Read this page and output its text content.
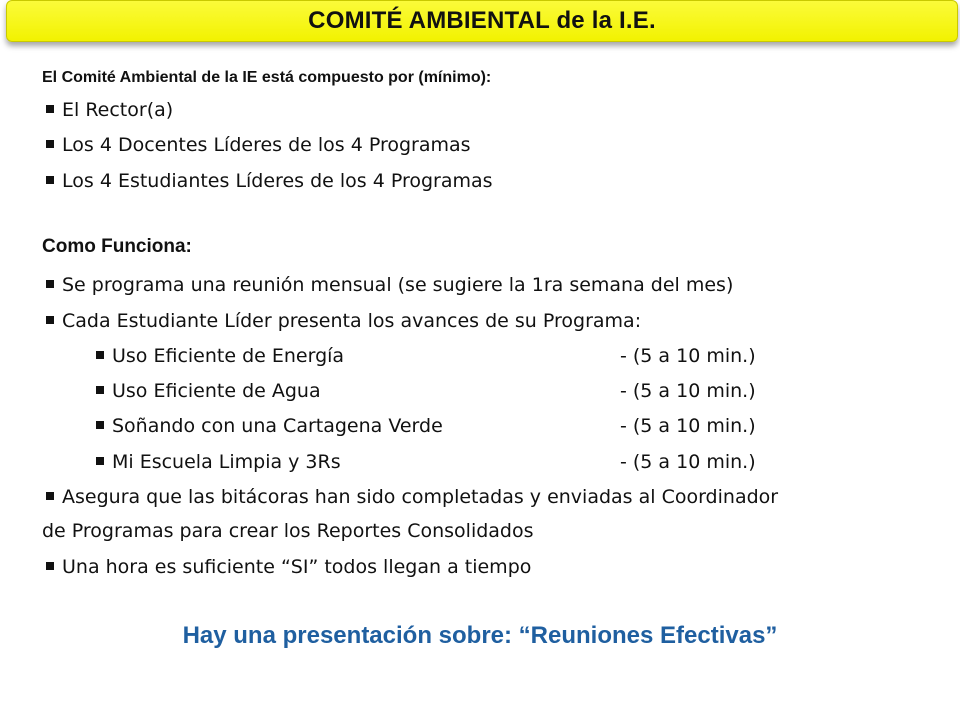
COMITÉ AMBIENTAL de la I.E.
El Comité Ambiental de la IE está compuesto por (mínimo):
El Rector(a)
Los 4 Docentes Líderes de los 4 Programas
Los 4 Estudiantes Líderes de los 4 Programas
Como Funciona:
Se programa una reunión mensual (se sugiere la 1ra semana del mes)
Cada Estudiante Líder presenta los avances de su Programa:
Uso Eficiente de Energía	- (5 a 10 min.)
Uso Eficiente de Agua	- (5 a 10 min.)
Soñando con una Cartagena Verde	- (5 a 10 min.)
Mi Escuela Limpia y 3Rs	- (5 a 10 min.)
Asegura que las bitácoras han sido completadas y enviadas al Coordinador
de Programas para crear los Reportes Consolidados
Una hora es suficiente “SI” todos llegan a tiempo
Hay una presentación sobre: “Reuniones Efectivas”
